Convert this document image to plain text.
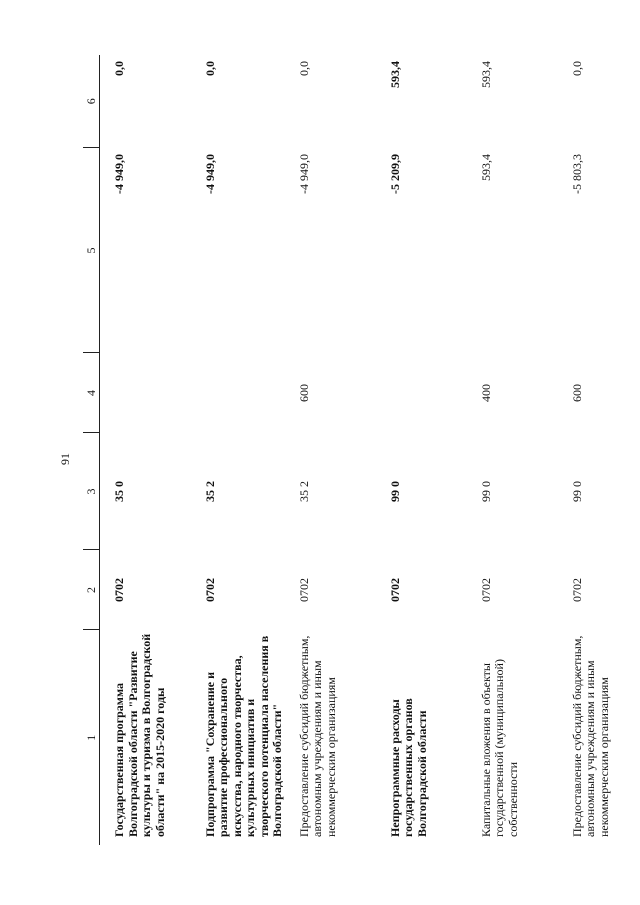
91
1	2	3	4	5	6
Государственная программа Волгоградской области "Развитие культуры и туризма в Волгоградской области" на 2015-2020 годы	0702	35 0		-4 949,0	0,0
Подпрограмма "Сохранение и развитие профессионального искусства, народного творчества, культурных инициатив и творческого потенциала населения в Волгоградской области"	0702	35 2		-4 949,0	0,0
Предоставление субсидий бюджетным, автономным учреждениям и иным некоммерческим организациям	0702	35 2	600	-4 949,0	0,0
Непрограммные расходы государственных органов Волгоградской области	0702	99 0		-5 209,9	593,4
Капитальные вложения в объекты государственной (муниципальной) собственности	0702	99 0	400	593,4	593,4
Предоставление субсидий бюджетным, автономным учреждениям и иным некоммерческим организациям	0702	99 0	600	-5 803,3	0,0
